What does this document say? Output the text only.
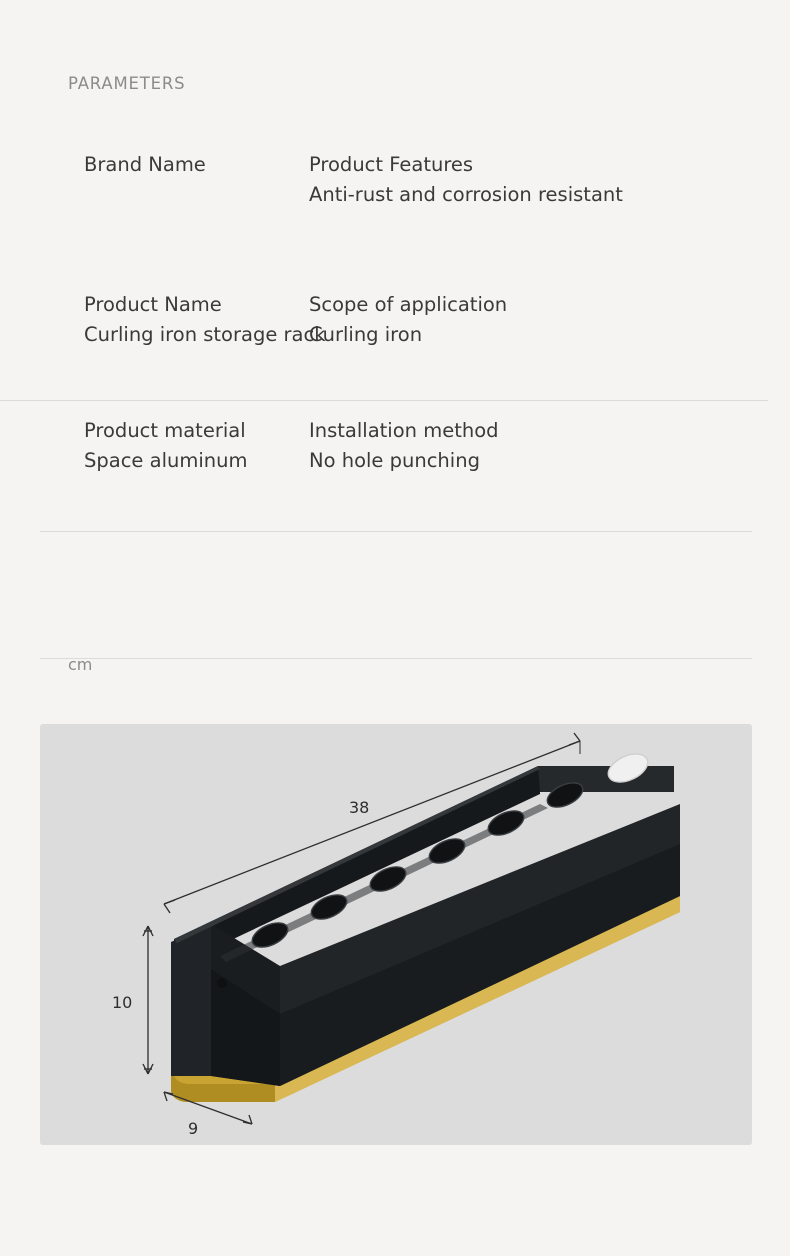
PARAMETERS
Brand Name	Product Features
Anti-rust and corrosion resistant
Product Name
Curling iron storage rack
Scope of application
Curling iron
Product material
Space aluminum
Installation method
No hole punching
cm
38
10
9
